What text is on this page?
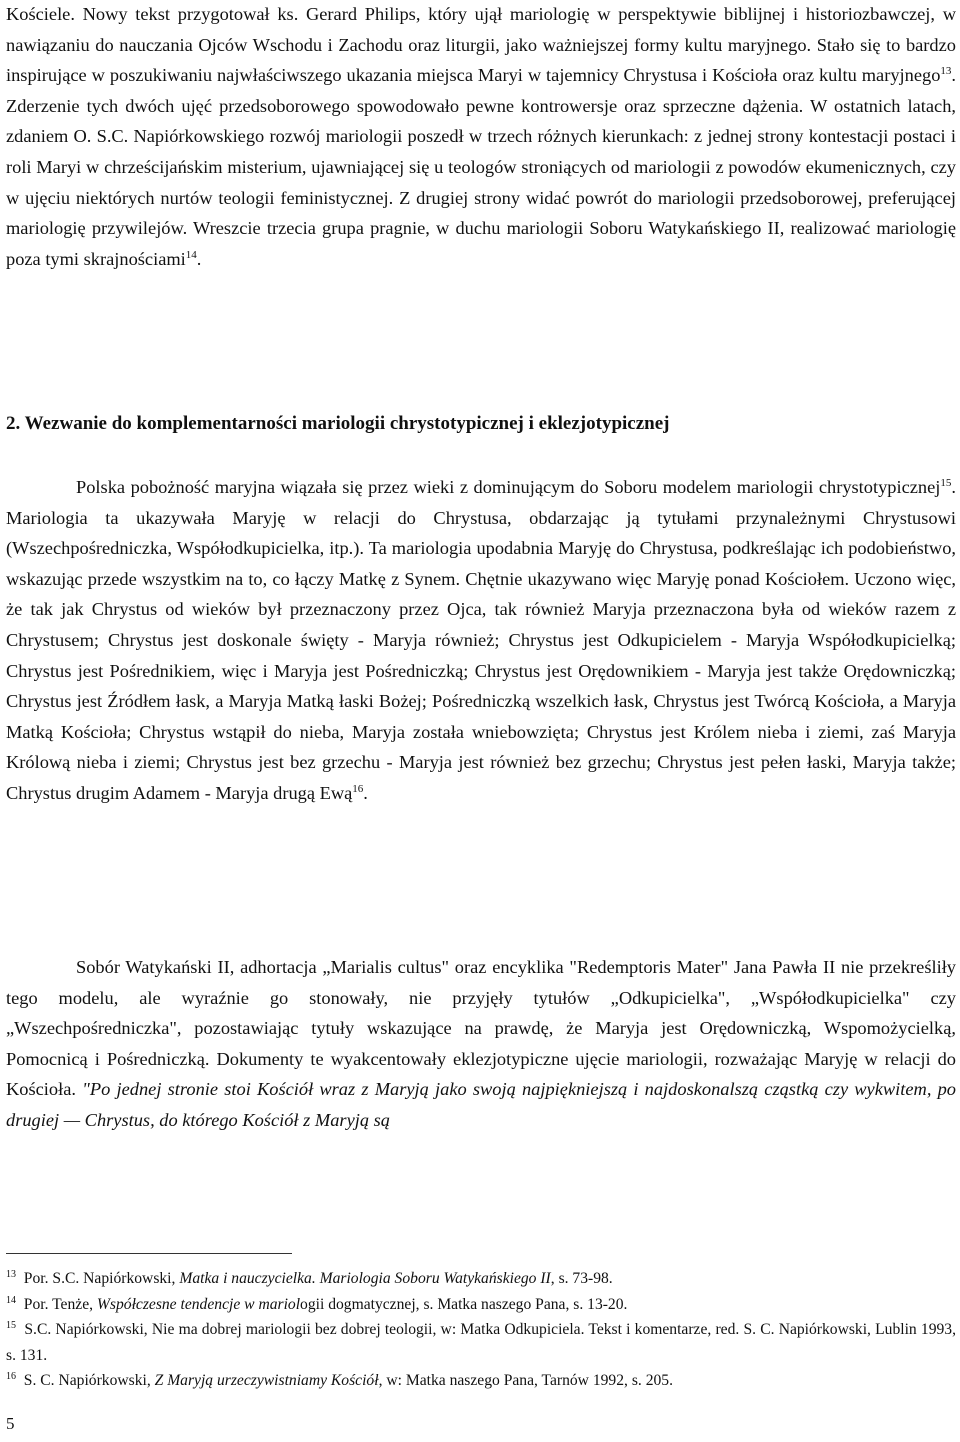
Kościele. Nowy tekst przygotował ks. Gerard Philips, który ujął mariologię w perspektywie biblijnej i historiozbawczej, w nawiązaniu do nauczania Ojców Wschodu i Zachodu oraz liturgii, jako ważniejszej formy kultu maryjnego. Stało się to bardzo inspirujące w poszukiwaniu najwłaściwszego ukazania miejsca Maryi w tajemnicy Chrystusa i Kościoła oraz kultu maryjnego$^{13}$. Zderzenie tych dwóch ujęć przedsoborowego spowodowało pewne kontrowersje oraz sprzeczne dążenia. W ostatnich latach, zdaniem O. S.C. Napiórkowskiego rozwój mariologii poszedł w trzech różnych kierunkach: z jednej strony kontestacji postaci i roli Maryi w chrześcijańskim misterium, ujawniającej się u teologów stroniących od mariologii z powodów ekumenicznych, czy w ujęciu niektórych nurtów teologii feministycznej. Z drugiej strony widać powrót do mariologii przedsoborowej, preferującej mariologię przywilejów. Wreszcie trzecia grupa pragnie, w duchu mariologii Soboru Watykańskiego II, realizować mariologię poza tymi skrajnościami$^{14}$.

2. Wezwanie do komplementarności mariologii chrystotypicznej i eklezjotypicznej

Polska pobożność maryjna wiązała się przez wieki z dominującym do Soboru modelem mariologii chrystotypicznej$^{15}$. Mariologia ta ukazywała Maryję w relacji do Chrystusa, obdarzając ją tytułami przynależnymi Chrystusowi (Wszechpośredniczka, Współodkupicielka, itp.). Ta mariologia upodabnia Maryję do Chrystusa, podkreślając ich podobieństwo, wskazując przede wszystkim na to, co łączy Matkę z Synem. Chętnie ukazywano więc Maryję ponad Kościołem. Uczono więc, że tak jak Chrystus od wieków był przeznaczony przez Ojca, tak również Maryja przeznaczona była od wieków razem z Chrystusem; Chrystus jest doskonale święty - Maryja również; Chrystus jest Odkupicielem - Maryja Współodkupicielką; Chrystus jest Pośrednikiem, więc i Maryja jest Pośredniczką; Chrystus jest Orędownikiem - Maryja jest także Orędowniczką; Chrystus jest Źródłem łask, a Maryja Matką łaski Bożej; Pośredniczką wszelkich łask, Chrystus jest Twórcą Kościoła, a Maryja Matką Kościoła; Chrystus wstąpił do nieba, Maryja została wniebowzięta; Chrystus jest Królem nieba i ziemi, zaś Maryja Królową nieba i ziemi; Chrystus jest bez grzechu - Maryja jest również bez grzechu; Chrystus jest pełen łaski, Maryja także; Chrystus drugim Adamem - Maryja drugą Ewą$^{16}$.

Sobór Watykański II, adhortacja „Marialis cultus" oraz encyklika "Redemptoris Mater" Jana Pawła II nie przekreśliły tego modelu, ale wyraźnie go stonowały, nie przyjęły tytułów „Odkupicielka", „Współodkupicielka" czy „Wszechpośredniczka", pozostawiając tytuły wskazujące na prawdę, że Maryja jest Orędowniczką, Wspomożycielką, Pomocnicą i Pośredniczką. Dokumenty te wyakcentowały eklezjotypiczne ujęcie mariologii, rozważając Maryję w relacji do Kościoła. "Po jednej stronie stoi Kościół wraz z Maryją jako swoją najpiękniejszą i najdoskonalszą cząstką czy wykwitem, po drugiej — Chrystus, do którego Kościół z Maryją są

$^{13}$ Por. S.C. Napiórkowski, Matka i nauczycielka. Mariologia Soboru Watykańskiego II, s. 73-98.

$^{14}$ Por. Tenże, Współczesne tendencje w mariologii dogmatycznej, s. Matka naszego Pana, s. 13-20.

$^{15}$ S.C. Napiórkowski, Nie ma dobrej mariologii bez dobrej teologii, w: Matka Odkupiciela. Tekst i komentarze, red. S. C. Napiórkowski, Lublin 1993, s. 131.

$^{16}$ S. C. Napiórkowski, Z Maryją urzeczywistniamy Kościół, w: Matka naszego Pana, Tarnów 1992, s. 205.

5
